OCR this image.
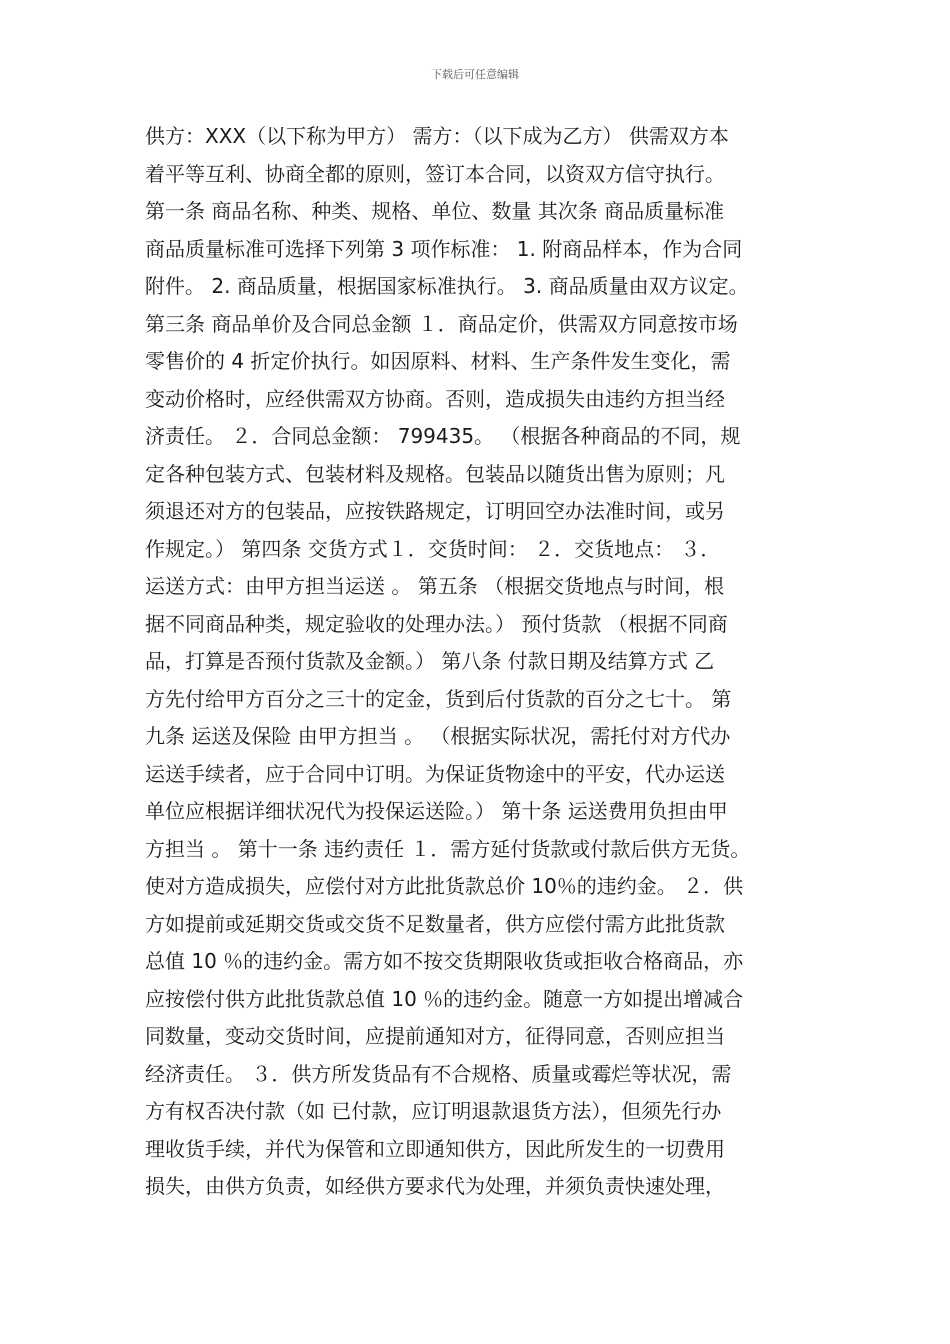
下载后可任意编辑
供方：XXX（以下称为甲方） 需方：（以下成为乙方） 供需双方本
着平等互利、协商全都的原则，签订本合同，以资双方信守执行。
第一条 商品名称、种类、规格、单位、数量 其次条 商品质量标准
商品质量标准可选择下列第 3 项作标准： 1. 附商品样本，作为合同
附件。 2. 商品质量，根据国家标准执行。 3. 商品质量由双方议定。
第三条 商品单价及合同总金额 １．商品定价，供需双方同意按市场
零售价的 4 折定价执行。如因原料、材料、生产条件发生变化，需
变动价格时，应经供需双方协商。否则，造成损失由违约方担当经
济责任。 ２．合同总金额： 799435。 （根据各种商品的不同，规
定各种包装方式、包装材料及规格。包装品以随货出售为原则；凡
须退还对方的包装品，应按铁路规定，订明回空办法准时间，或另
作规定。） 第四条 交货方式１．交货时间： ２．交货地点： ３．
运送方式：由甲方担当运送 。 第五条 （根据交货地点与时间，根
据不同商品种类，规定验收的处理办法。） 预付货款 （根据不同商
品，打算是否预付货款及金额。） 第八条 付款日期及结算方式 乙
方先付给甲方百分之三十的定金，货到后付货款的百分之七十。 第
九条 运送及保险 由甲方担当 。 （根据实际状况，需托付对方代办
运送手续者，应于合同中订明。为保证货物途中的平安，代办运送
单位应根据详细状况代为投保运送险。） 第十条 运送费用负担由甲
方担当 。 第十一条 违约责任 １．需方延付货款或付款后供方无货。
使对方造成损失，应偿付对方此批货款总价 10％的违约金。 ２．供
方如提前或延期交货或交货不足数量者，供方应偿付需方此批货款
总值 10 ％的违约金。需方如不按交货期限收货或拒收合格商品，亦
应按偿付供方此批货款总值 10 ％的违约金。随意一方如提出增减合
同数量，变动交货时间，应提前通知对方，征得同意，否则应担当
经济责任。 ３．供方所发货品有不合规格、质量或霉烂等状况，需
方有权否决付款（如 已付款，应订明退款退货方法），但须先行办
理收货手续，并代为保管和立即通知供方，因此所发生的一切费用
损失，由供方负责，如经供方要求代为处理，并须负责快速处理，
